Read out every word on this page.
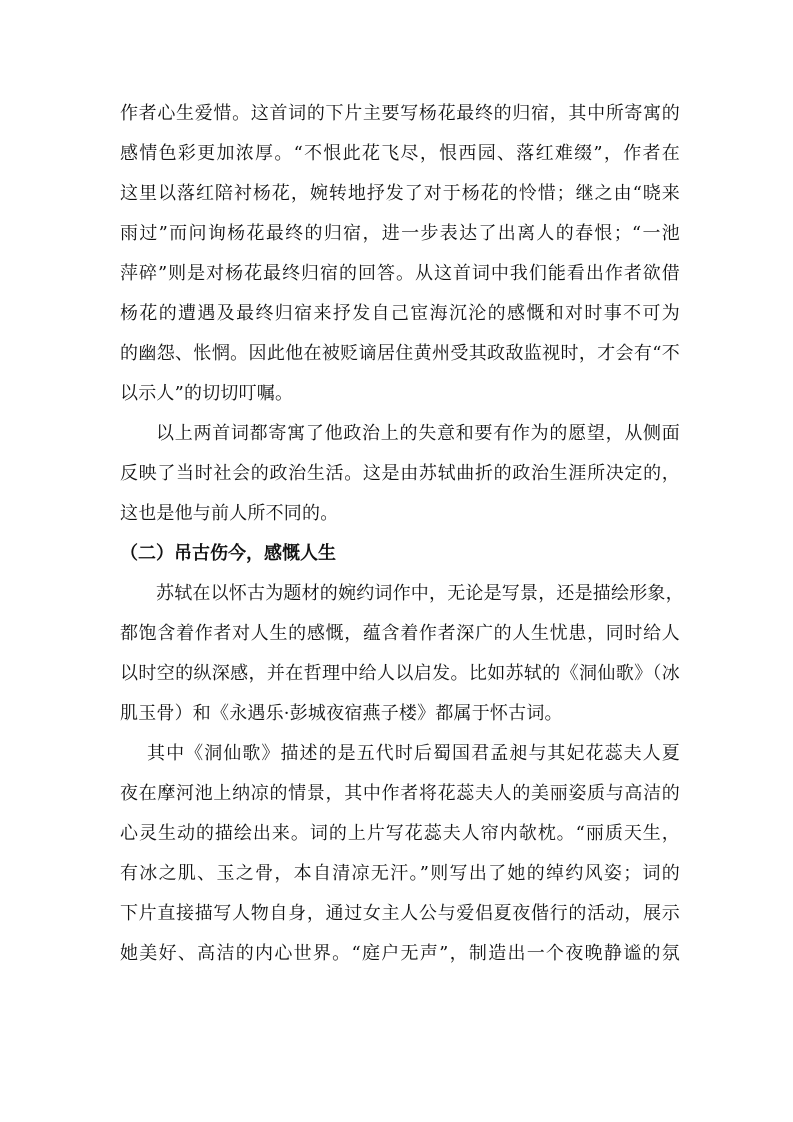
作者心生爱惜。这首词的下片主要写杨花最终的归宿，其中所寄寓的
感情色彩更加浓厚。“不恨此花飞尽，恨西园、落红难缀”，作者在
这里以落红陪衬杨花，婉转地抒发了对于杨花的怜惜；继之由“晓来
雨过”而问询杨花最终的归宿，进一步表达了出离人的春恨；“一池
萍碎”则是对杨花最终归宿的回答。从这首词中我们能看出作者欲借
杨花的遭遇及最终归宿来抒发自己宦海沉沦的感慨和对时事不可为
的幽怨、怅惘。因此他在被贬谪居住黄州受其政敌监视时，才会有“不
以示人”的切切叮嘱。
以上两首词都寄寓了他政治上的失意和要有作为的愿望，从侧面
反映了当时社会的政治生活。这是由苏轼曲折的政治生涯所决定的，
这也是他与前人所不同的。
（二）吊古伤今，感慨人生
苏轼在以怀古为题材的婉约词作中，无论是写景，还是描绘形象，
都饱含着作者对人生的感慨，蕴含着作者深广的人生忧患，同时给人
以时空的纵深感，并在哲理中给人以启发。比如苏轼的《洞仙歌》（冰
肌玉骨）和《永遇乐·彭城夜宿燕子楼》都属于怀古词。
其中《洞仙歌》描述的是五代时后蜀国君孟昶与其妃花蕊夫人夏
夜在摩河池上纳凉的情景，其中作者将花蕊夫人的美丽姿质与高洁的
心灵生动的描绘出来。词的上片写花蕊夫人帘内欹枕。“丽质天生，
有冰之肌、玉之骨，本自清凉无汗。”则写出了她的绰约风姿；词的
下片直接描写人物自身，通过女主人公与爱侣夏夜偕行的活动，展示
她美好、高洁的内心世界。“庭户无声”，制造出一个夜晚静谧的氛
